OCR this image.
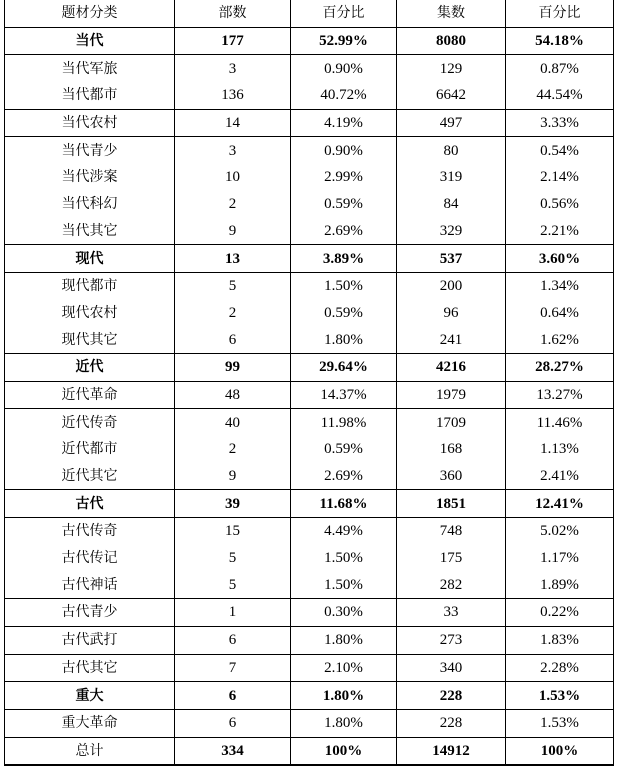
题材分类	部数	百分比	集数	百分比
当代	177	52.99%	8080	54.18%
当代军旅	3	0.90%	129	0.87%
当代都市	136	40.72%	6642	44.54%
当代农村	14	4.19%	497	3.33%
当代青少	3	0.90%	80	0.54%
当代涉案	10	2.99%	319	2.14%
当代科幻	2	0.59%	84	0.56%
当代其它	9	2.69%	329	2.21%
现代	13	3.89%	537	3.60%
现代都市	5	1.50%	200	1.34%
现代农村	2	0.59%	96	0.64%
现代其它	6	1.80%	241	1.62%
近代	99	29.64%	4216	28.27%
近代革命	48	14.37%	1979	13.27%
近代传奇	40	11.98%	1709	11.46%
近代都市	2	0.59%	168	1.13%
近代其它	9	2.69%	360	2.41%
古代	39	11.68%	1851	12.41%
古代传奇	15	4.49%	748	5.02%
古代传记	5	1.50%	175	1.17%
古代神话	5	1.50%	282	1.89%
古代青少	1	0.30%	33	0.22%
古代武打	6	1.80%	273	1.83%
古代其它	7	2.10%	340	2.28%
重大	6	1.80%	228	1.53%
重大革命	6	1.80%	228	1.53%
总计	334	100%	14912	100%
